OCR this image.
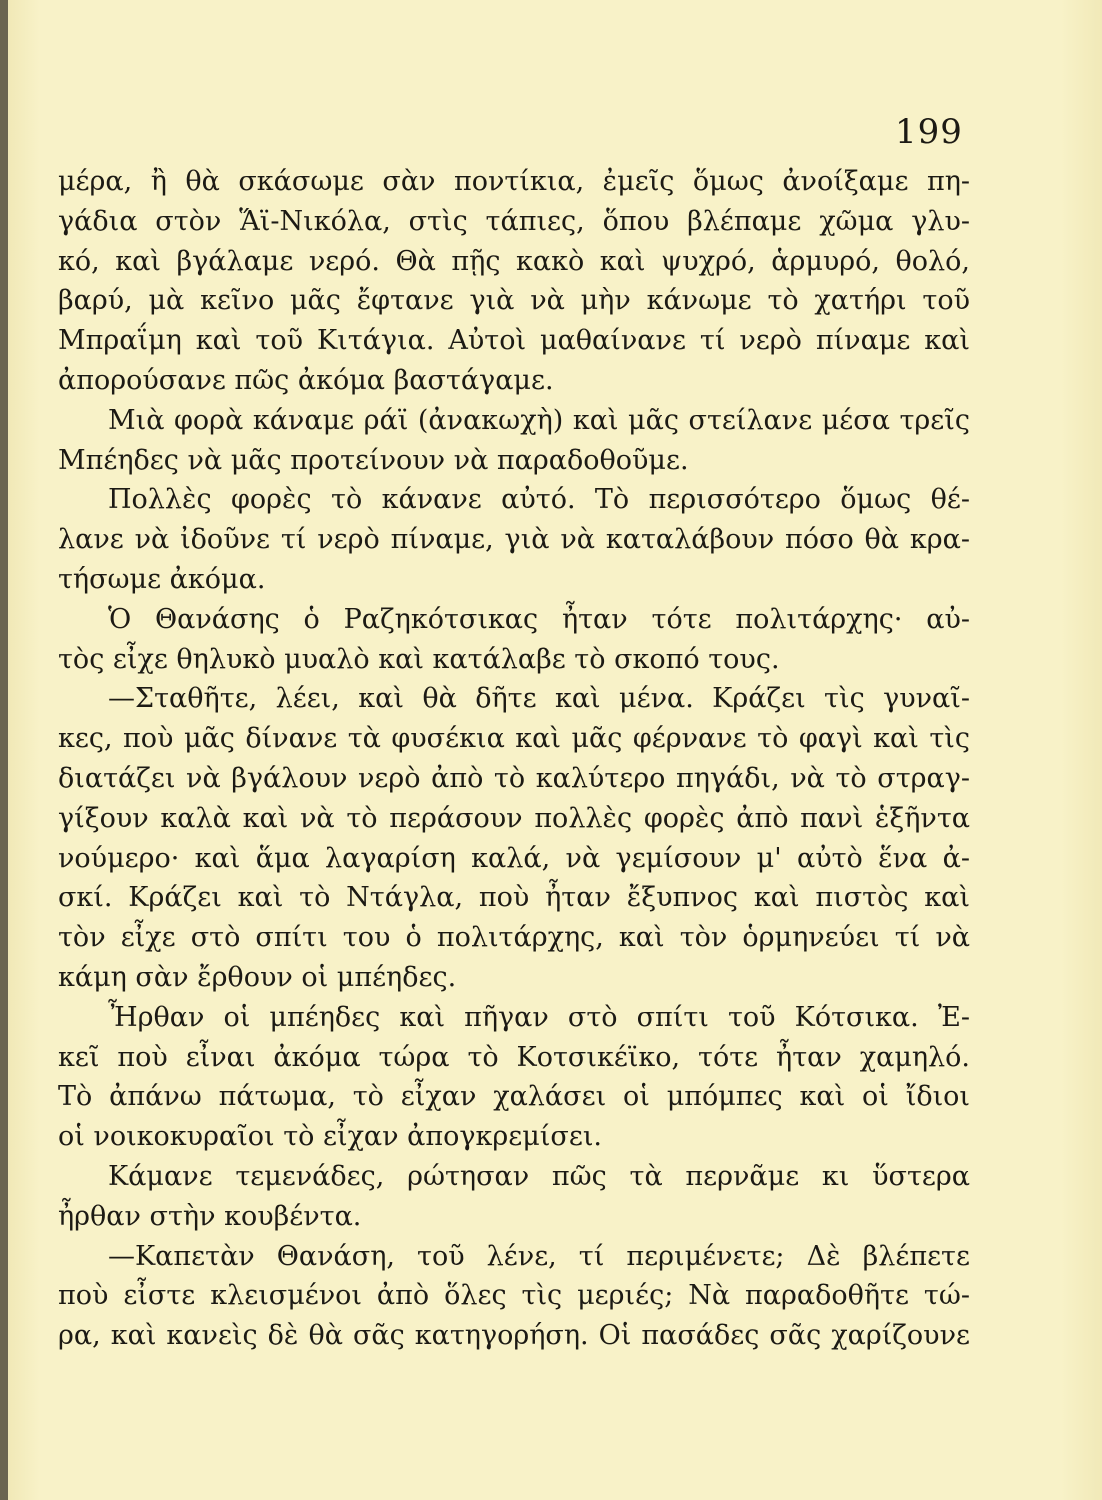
199
μέρα, ἢ θὰ σκάσωμε σὰν ποντίκια, ἐμεῖς ὅμως ἀνοίξαμε πη-
γάδια στὸν Ἅϊ-Νικόλα, στὶς τάπιες, ὅπου βλέπαμε χῶμα γλυ-
κό, καὶ βγάλαμε νερό. Θὰ πῇς κακὸ καὶ ψυχρό, ἁρμυρό, θολό,
βαρύ, μὰ κεῖνο μᾶς ἔφτανε γιὰ νὰ μὴν κάνωμε τὸ χατήρι τοῦ
Μπραΐμη καὶ τοῦ Κιτάγια. Αὐτοὶ μαθαίνανε τί νερὸ πίναμε καὶ
ἀπορούσανε πῶς ἀκόμα βαστάγαμε.
Μιὰ φορὰ κάναμε ράϊ (ἀνακωχὴ) καὶ μᾶς στείλανε μέσα τρεῖς
Μπέηδες νὰ μᾶς προτείνουν νὰ παραδοθοῦμε.
Πολλὲς φορὲς τὸ κάνανε αὐτό. Τὸ περισσότερο ὅμως θέ-
λανε νὰ ἰδοῦνε τί νερὸ πίναμε, γιὰ νὰ καταλάβουν πόσο θὰ κρα-
τήσωμε ἀκόμα.
Ὁ Θανάσης ὁ Ραζηκότσικας ἦταν τότε πολιτάρχης· αὐ-
τὸς εἶχε θηλυκὸ μυαλὸ καὶ κατάλαβε τὸ σκοπό τους.
—Σταθῆτε, λέει, καὶ θὰ δῆτε καὶ μένα. Κράζει τὶς γυναῖ-
κες, ποὺ μᾶς δίνανε τὰ φυσέκια καὶ μᾶς φέρνανε τὸ φαγὶ καὶ τὶς
διατάζει νὰ βγάλουν νερὸ ἀπὸ τὸ καλύτερο πηγάδι, νὰ τὸ στραγ-
γίξουν καλὰ καὶ νὰ τὸ περάσουν πολλὲς φορὲς ἀπὸ πανὶ ἑξῆντα
νούμερο· καὶ ἅμα λαγαρίση καλά, νὰ γεμίσουν μ' αὐτὸ ἕνα ἀ-
σκί. Κράζει καὶ τὸ Ντάγλα, ποὺ ἦταν ἔξυπνος καὶ πιστὸς καὶ
τὸν εἶχε στὸ σπίτι του ὁ πολιτάρχης, καὶ τὸν ὁρμηνεύει τί νὰ
κάμη σὰν ἔρθουν οἱ μπέηδες.
Ἦρθαν οἱ μπέηδες καὶ πῆγαν στὸ σπίτι τοῦ Κότσικα. Ἐ-
κεῖ ποὺ εἶναι ἀκόμα τώρα τὸ Κοτσικέϊκο, τότε ἦταν χαμηλό.
Τὸ ἀπάνω πάτωμα, τὸ εἶχαν χαλάσει οἱ μπόμπες καὶ οἱ ἴδιοι
οἱ νοικοκυραῖοι τὸ εἶχαν ἀπογκρεμίσει.
Κάμανε τεμενάδες, ρώτησαν πῶς τὰ περνᾶμε κι ὕστερα
ἦρθαν στὴν κουβέντα.
—Καπετὰν Θανάση, τοῦ λένε, τί περιμένετε; Δὲ βλέπετε
ποὺ εἶστε κλεισμένοι ἀπὸ ὅλες τὶς μεριές; Νὰ παραδοθῆτε τώ-
ρα, καὶ κανεὶς δὲ θὰ σᾶς κατηγορήση. Οἱ πασάδες σᾶς χαρίζουνε
